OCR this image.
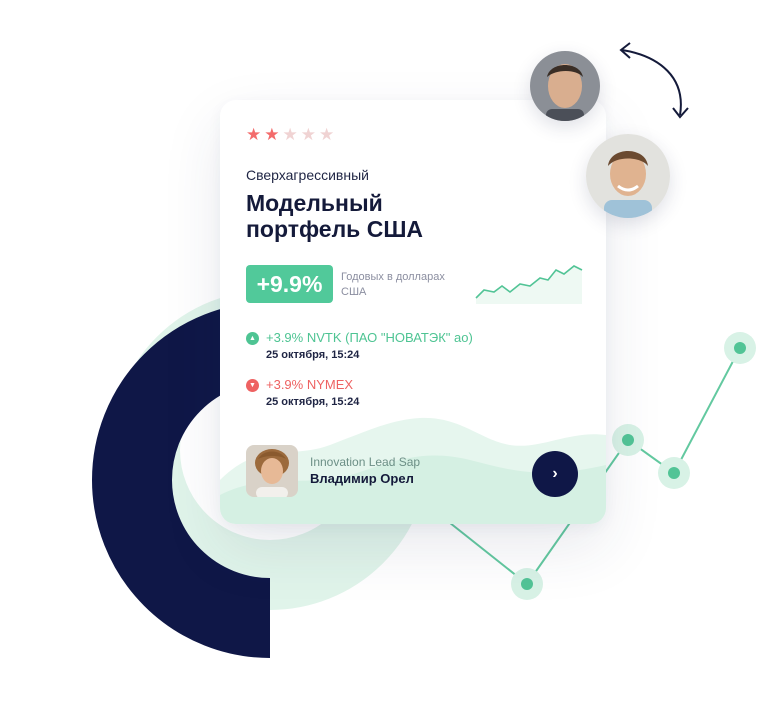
★ ★ ★ ★ ★
Сверхагрессивный
Модельный портфель США
+9.9%	Годовых в долларах США
▲ +3.9% NVTK (ПАО "НОВАТЭК" ао)
25 октября, 15:24
▼ +3.9% NYMEX
25 октября, 15:24
Innovation Lead Sap
Владимир Орел	›
